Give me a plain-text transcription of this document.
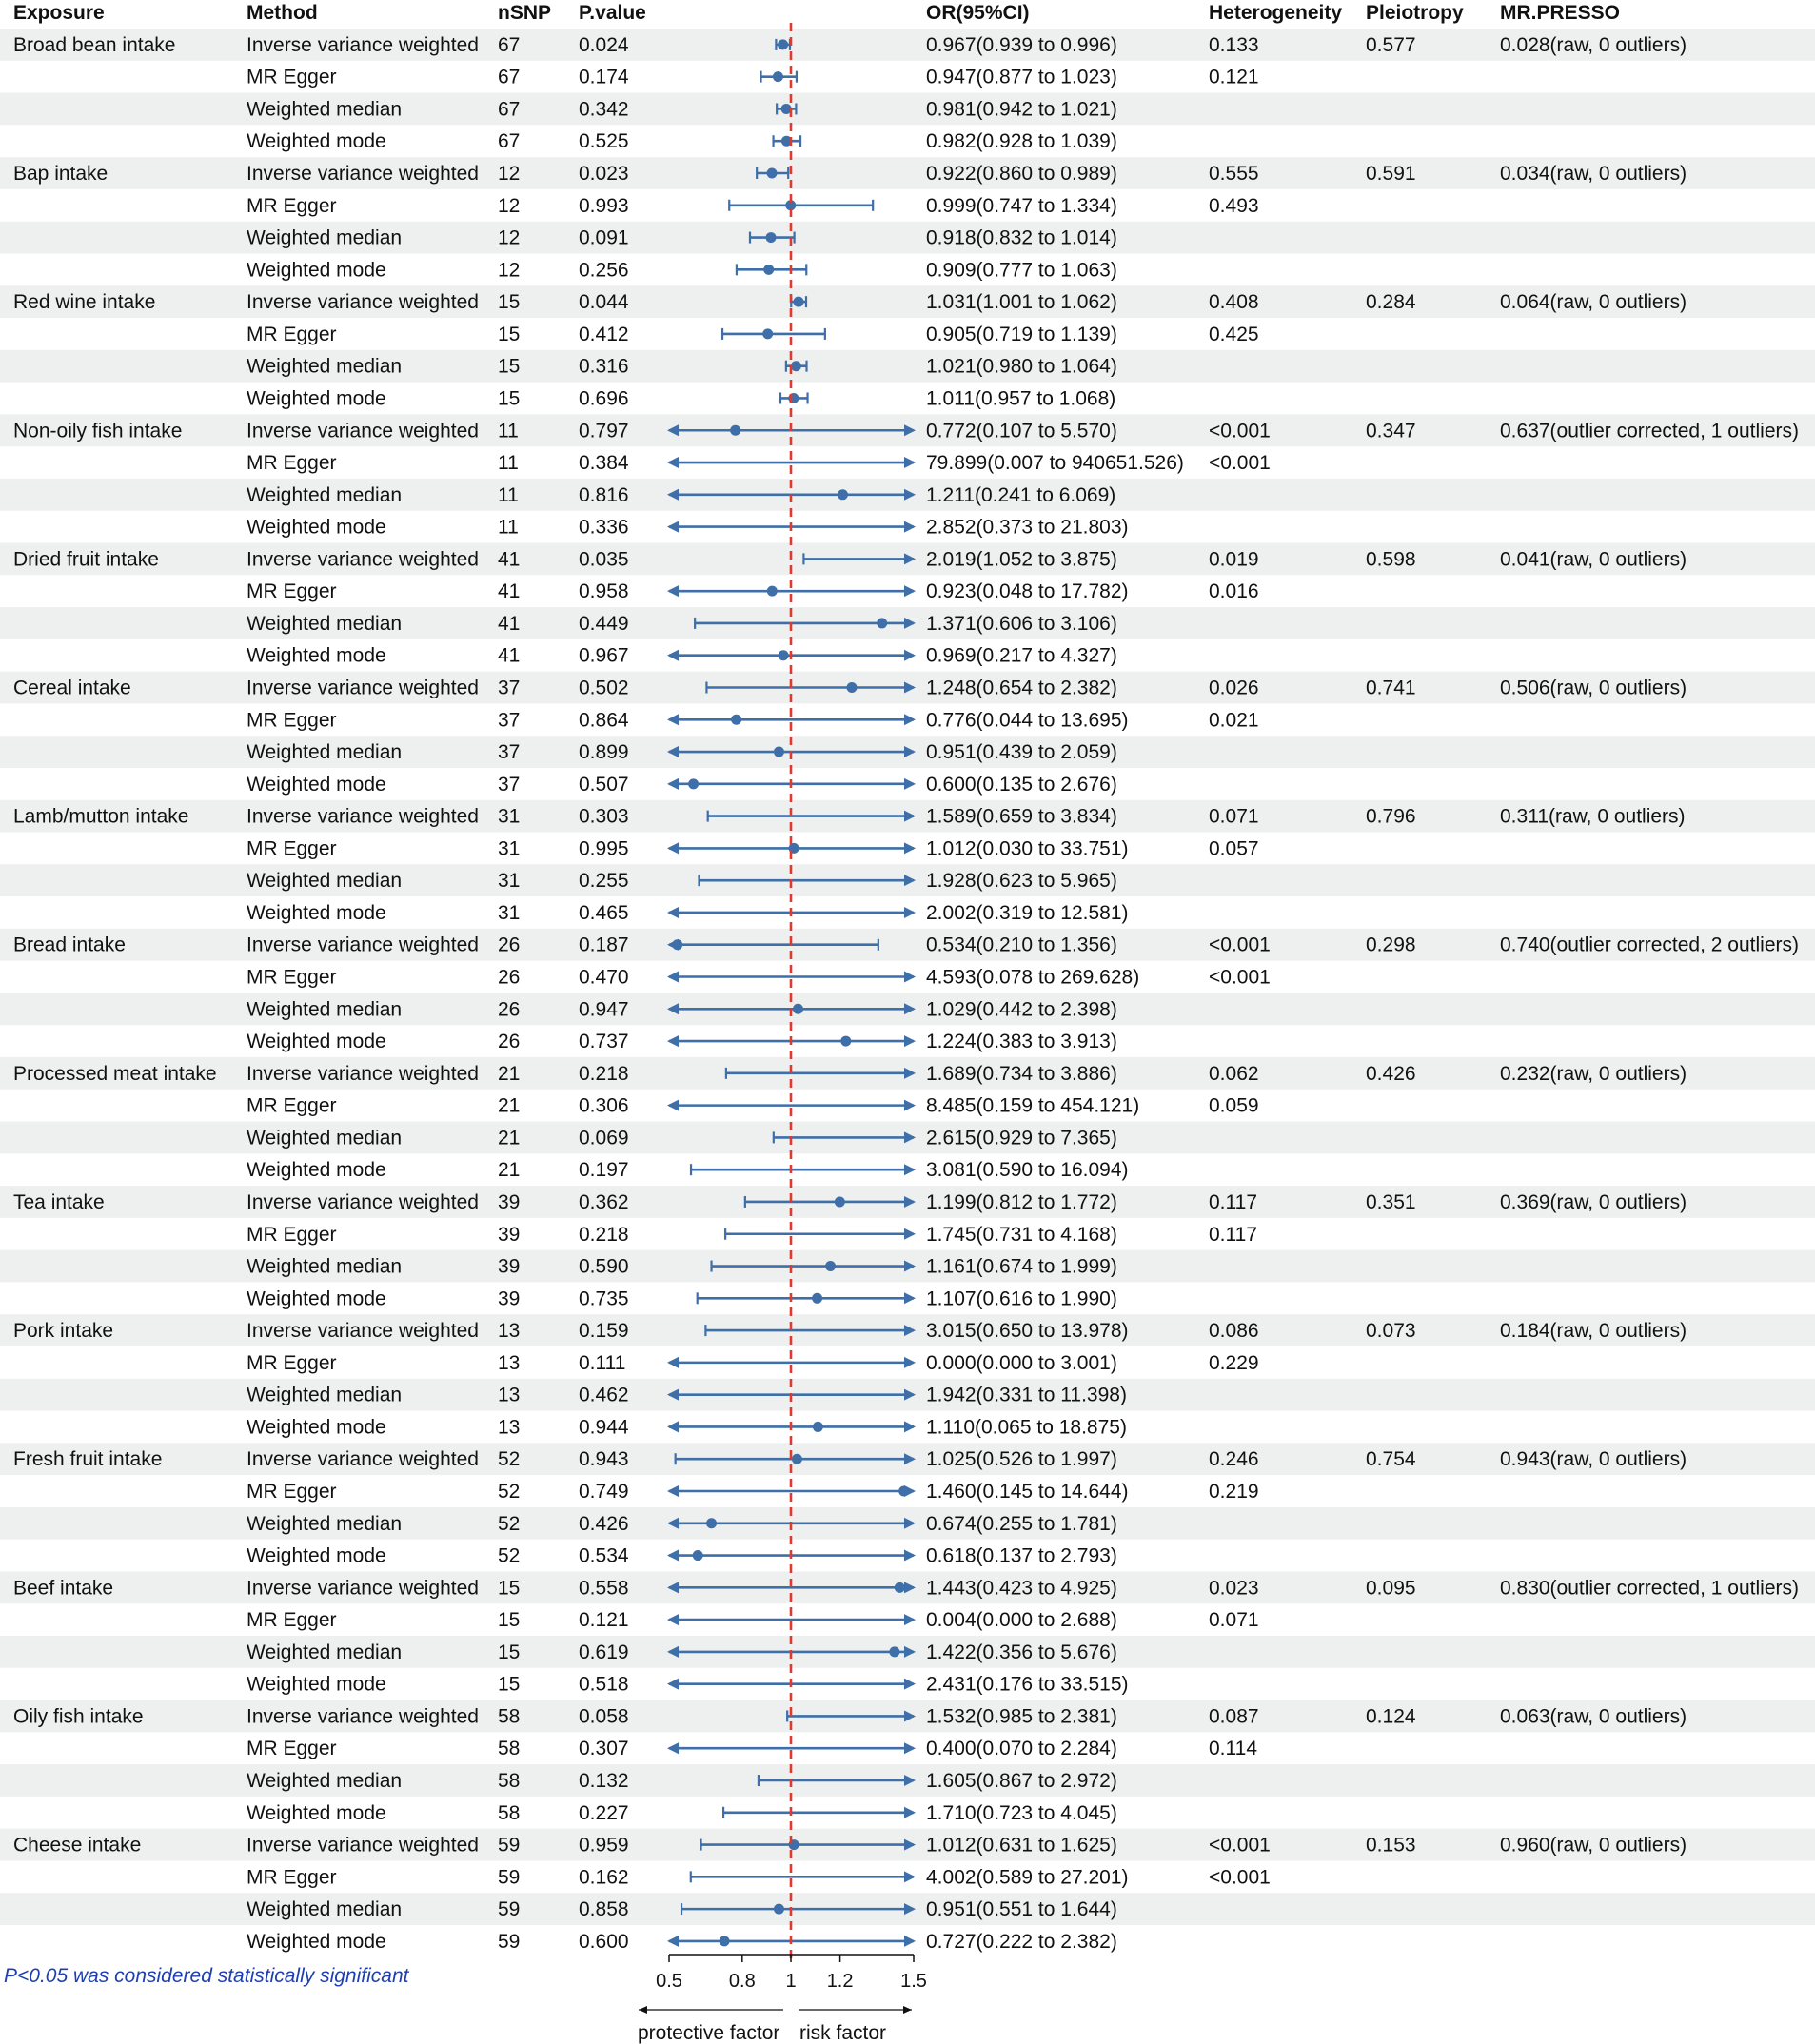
Exposure	Method	nSNP P.value	OR(95%CI)	Heterogeneity Pleiotropy MR.PRESSO
Broad bean intake	Inverse variance weighted 67	0.024	0.967(0.939 to 0.996)	0.133	0.577	0.028(raw, 0 outliers)
MR Egger	67	0.174	0.947(0.877 to 1.023)	0.121
Weighted median	67	0.342	0.981(0.942 to 1.021)
Weighted mode	67	0.525	0.982(0.928 to 1.039)
Bap intake	Inverse variance weighted 12	0.023	0.922(0.860 to 0.989)	0.555	0.591	0.034(raw, 0 outliers)
MR Egger	12	0.993	0.999(0.747 to 1.334)	0.493
Weighted median	12	0.091	0.918(0.832 to 1.014)
Weighted mode	12	0.256	0.909(0.777 to 1.063)
Red wine intake	Inverse variance weighted 15	0.044	1.031(1.001 to 1.062)	0.408	0.284	0.064(raw, 0 outliers)
MR Egger	15	0.412	0.905(0.719 to 1.139)	0.425
Weighted median	15	0.316	1.021(0.980 to 1.064)
Weighted mode	15	0.696	1.011(0.957 to 1.068)
Non-oily fish intake	Inverse variance weighted 11	0.797	0.772(0.107 to 5.570)	<0.001	0.347	0.637(outlier corrected, 1 outliers)
MR Egger	11	0.384	79.899(0.007 to 940651.526) <0.001
Weighted median	11	0.816	1.211(0.241 to 6.069)
Weighted mode	11	0.336	2.852(0.373 to 21.803)
Dried fruit intake	Inverse variance weighted 41	0.035	2.019(1.052 to 3.875)	0.019	0.598	0.041(raw, 0 outliers)
MR Egger	41	0.958	0.923(0.048 to 17.782)	0.016
Weighted median	41	0.449	1.371(0.606 to 3.106)
Weighted mode	41	0.967	0.969(0.217 to 4.327)
Cereal intake	Inverse variance weighted 37	0.502	1.248(0.654 to 2.382)	0.026	0.741	0.506(raw, 0 outliers)
MR Egger	37	0.864	0.776(0.044 to 13.695)	0.021
Weighted median	37	0.899	0.951(0.439 to 2.059)
Weighted mode	37	0.507	0.600(0.135 to 2.676)
Lamb/mutton intake	Inverse variance weighted 31	0.303	1.589(0.659 to 3.834)	0.071	0.796	0.311(raw, 0 outliers)
MR Egger	31	0.995	1.012(0.030 to 33.751)	0.057
Weighted median	31	0.255	1.928(0.623 to 5.965)
Weighted mode	31	0.465	2.002(0.319 to 12.581)
Bread intake	Inverse variance weighted 26	0.187	0.534(0.210 to 1.356)	<0.001	0.298	0.740(outlier corrected, 2 outliers)
MR Egger	26	0.470	4.593(0.078 to 269.628)	<0.001
Weighted median	26	0.947	1.029(0.442 to 2.398)
Weighted mode	26	0.737	1.224(0.383 to 3.913)
Processed meat intake Inverse variance weighted 21	0.218	1.689(0.734 to 3.886)	0.062	0.426	0.232(raw, 0 outliers)
MR Egger	21	0.306	8.485(0.159 to 454.121)	0.059
Weighted median	21	0.069	2.615(0.929 to 7.365)
Weighted mode	21	0.197	3.081(0.590 to 16.094)
Tea intake	Inverse variance weighted 39	0.362	1.199(0.812 to 1.772)	0.117	0.351	0.369(raw, 0 outliers)
MR Egger	39	0.218	1.745(0.731 to 4.168)	0.117
Weighted median	39	0.590	1.161(0.674 to 1.999)
Weighted mode	39	0.735	1.107(0.616 to 1.990)
Pork intake	Inverse variance weighted 13	0.159	3.015(0.650 to 13.978)	0.086	0.073	0.184(raw, 0 outliers)
MR Egger	13	0.111	0.000(0.000 to 3.001)	0.229
Weighted median	13	0.462	1.942(0.331 to 11.398)
Weighted mode	13	0.944	1.110(0.065 to 18.875)
Fresh fruit intake	Inverse variance weighted 52	0.943	1.025(0.526 to 1.997)	0.246	0.754	0.943(raw, 0 outliers)
MR Egger	52	0.749	1.460(0.145 to 14.644)	0.219
Weighted median	52	0.426	0.674(0.255 to 1.781)
Weighted mode	52	0.534	0.618(0.137 to 2.793)
Beef intake	Inverse variance weighted 15	0.558	1.443(0.423 to 4.925)	0.023	0.095	0.830(outlier corrected, 1 outliers)
MR Egger	15	0.121	0.004(0.000 to 2.688)	0.071
Weighted median	15	0.619	1.422(0.356 to 5.676)
Weighted mode	15	0.518	2.431(0.176 to 33.515)
Oily fish intake	Inverse variance weighted 58	0.058	1.532(0.985 to 2.381)	0.087	0.124	0.063(raw, 0 outliers)
MR Egger	58	0.307	0.400(0.070 to 2.284)	0.114
Weighted median	58	0.132	1.605(0.867 to 2.972)
Weighted mode	58	0.227	1.710(0.723 to 4.045)
Cheese intake	Inverse variance weighted 59	0.959	1.012(0.631 to 1.625)	<0.001	0.153	0.960(raw, 0 outliers)
MR Egger	59	0.162	4.002(0.589 to 27.201)	<0.001
Weighted median	59	0.858	0.951(0.551 to 1.644)
Weighted mode	59	0.600	0.727(0.222 to 2.382)
0.5 0.8 1 1.2 1.5
protective factor risk factor
P<0.05 was considered statistically significant
